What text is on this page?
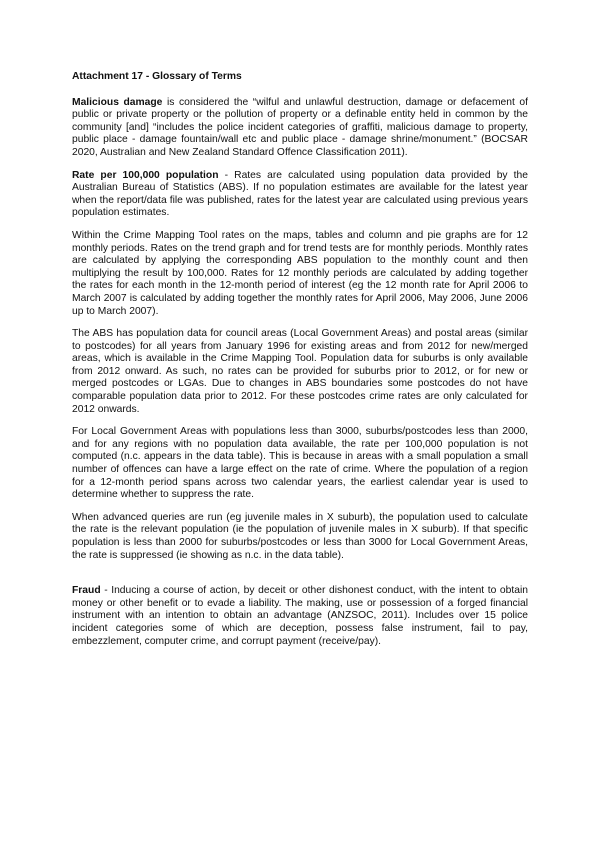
Attachment 17 - Glossary of Terms

Malicious damage is considered the “wilful and unlawful destruction, damage or defacement of public or private property or the pollution of property or a definable entity held in common by the community [and] “includes the police incident categories of graffiti, malicious damage to property, public place - damage fountain/wall etc and public place - damage shrine/monument.” (BOCSAR 2020, Australian and New Zealand Standard Offence Classification 2011).

Rate per 100,000 population - Rates are calculated using population data provided by the Australian Bureau of Statistics (ABS). If no population estimates are available for the latest year when the report/data file was published, rates for the latest year are calculated using previous years population estimates.

Within the Crime Mapping Tool rates on the maps, tables and column and pie graphs are for 12 monthly periods. Rates on the trend graph and for trend tests are for monthly periods. Monthly rates are calculated by applying the corresponding ABS population to the monthly count and then multiplying the result by 100,000. Rates for 12 monthly periods are calculated by adding together the rates for each month in the 12-month period of interest (eg the 12 month rate for April 2006 to March 2007 is calculated by adding together the monthly rates for April 2006, May 2006, June 2006 up to March 2007).

The ABS has population data for council areas (Local Government Areas) and postal areas (similar to postcodes) for all years from January 1996 for existing areas and from 2012 for new/merged areas, which is available in the Crime Mapping Tool. Population data for suburbs is only available from 2012 onward. As such, no rates can be provided for suburbs prior to 2012, or for new or merged postcodes or LGAs. Due to changes in ABS boundaries some postcodes do not have comparable population data prior to 2012. For these postcodes crime rates are only calculated for 2012 onwards.

For Local Government Areas with populations less than 3000, suburbs/postcodes less than 2000, and for any regions with no population data available, the rate per 100,000 population is not computed (n.c. appears in the data table). This is because in areas with a small population a small number of offences can have a large effect on the rate of crime. Where the population of a region for a 12-month period spans across two calendar years, the earliest calendar year is used to determine whether to suppress the rate.

When advanced queries are run (eg juvenile males in X suburb), the population used to calculate the rate is the relevant population (ie the population of juvenile males in X suburb). If that specific population is less than 2000 for suburbs/postcodes or less than 3000 for Local Government Areas, the rate is suppressed (ie showing as n.c. in the data table).

Fraud - Inducing a course of action, by deceit or other dishonest conduct, with the intent to obtain money or other benefit or to evade a liability. The making, use or possession of a forged financial instrument with an intention to obtain an advantage (ANZSOC, 2011). Includes over 15 police incident categories some of which are deception, possess false instrument, fail to pay, embezzlement, computer crime, and corrupt payment (receive/pay).
